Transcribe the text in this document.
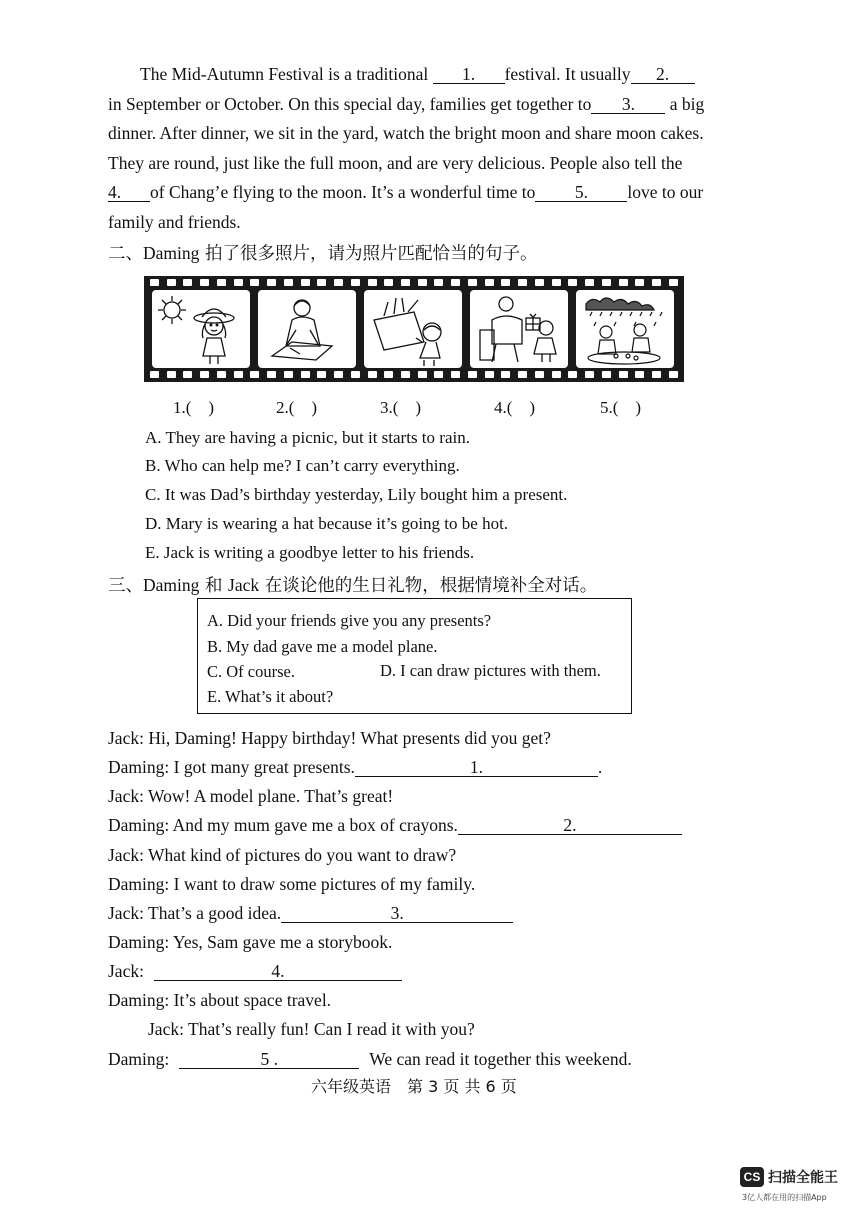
The Mid-Autumn Festival is a traditional 1. festival. It usually 2.
in September or October. On this special day, families get together to 3. a big
dinner. After dinner, we sit in the yard, watch the bright moon and share moon cakes.
They are round, just like the full moon, and are very delicious. People also tell the
4. of Chang’e flying to the moon. It’s a wonderful time to 5. love to our
family and friends.
二、Daming 拍了很多照片，请为照片匹配恰当的句子。
1.(    )	2.(    )	3.(    )	4.(    )	5.(    )
A. They are having a picnic, but it starts to rain.
B. Who can help me? I can’t carry everything.
C. It was Dad’s birthday yesterday, Lily bought him a present.
D. Mary is wearing a hat because it’s going to be hot.
E. Jack is writing a goodbye letter to his friends.
三、Daming 和 Jack 在谈论他的生日礼物，根据情境补全对话。
A. Did your friends give you any presents?
B. My dad gave me a model plane.
C. Of course.	D. I can draw pictures with them.
E. What’s it about?
Jack: Hi, Daming! Happy birthday! What presents did you get?
Daming: I got many great presents.	1.	.
Jack: Wow! A model plane. That’s great!
Daming: And my mum gave me a box of crayons.	2.
Jack: What kind of pictures do you want to draw?
Daming: I want to draw some pictures of my family.
Jack: That’s a good idea.	3.
Daming: Yes, Sam gave me a storybook.
Jack:	4.
Daming: It’s about space travel.
Jack: That’s really fun! Can I read it with you?
Daming:	5 .	We can read it together this weekend.
六年级英语　第 3 页 共 6 页
CS 扫描全能王
3亿人都在用的扫描App
